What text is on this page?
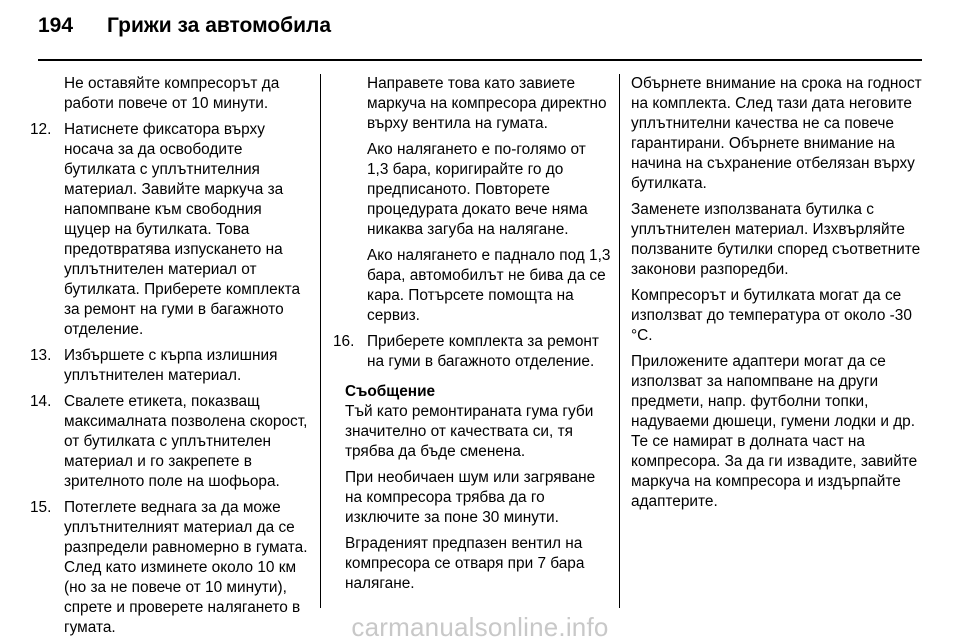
194 Грижи за автомобила
Не оставяйте компресорът да работи повече от 10 минути.
12. Натиснете фиксатора върху носача за да освободите бутилката с уплътнителния материал. Завийте маркуча за напомпване към свободния щуцер на бутилката. Това предотвратява изпускането на уплътнителен материал от бутилката. Приберете комплекта за ремонт на гуми в багажното отделение.
13. Избършете с кърпа излишния уплътнителен материал.
14. Свалете етикета, показващ максималната позволена скорост, от бутилката с уплътнителен материал и го закрепете в зрителното поле на шофьора.
15. Потеглете веднага за да може уплътнителният материал да се разпредели равномерно в гумата. След като изминете около 10 км (но за не повече от 10 минути), спрете и проверете налягането в гумата.
Направете това като завиете маркуча на компресора директно върху вентила на гумата.
Ако налягането е по-голямо от 1,3 бара, коригирайте го до предписаното. Повторете процедурата докато вече няма никаква загуба на налягане.
Ако налягането е паднало под 1,3 бара, автомобилът не бива да се кара. Потърсете помощта на сервиз.
16. Приберете комплекта за ремонт на гуми в багажното отделение.
Съобщение
Тъй като ремонтираната гума губи значително от качествата си, тя трябва да бъде сменена.
При необичаен шум или загряване на компресора трябва да го изключите за поне 30 минути.
Вградeният предпазен вентил на компресора се отваря при 7 бара налягане.
Обърнете внимание на срока на годност на комплекта. След тази дата неговите уплътнителни качества не са повече гарантирани. Обърнете внимание на начина на съхранение отбелязан върху бутилката.
Заменете използваната бутилка с уплътнителен материал. Изхвърляйте ползваните бутилки според съответните законови разпоредби.
Компресорът и бутилката могат да се използват до температура от около -30 °C.
Приложените адаптери могат да се използват за напомпване на други предмети, напр. футболни топки, надуваеми дюшеци, гумени лодки и др. Те се намират в долната част на компресора. За да ги извадите, завийте маркуча на компресора и издърпайте адаптерите.
carmanualsonline.info
